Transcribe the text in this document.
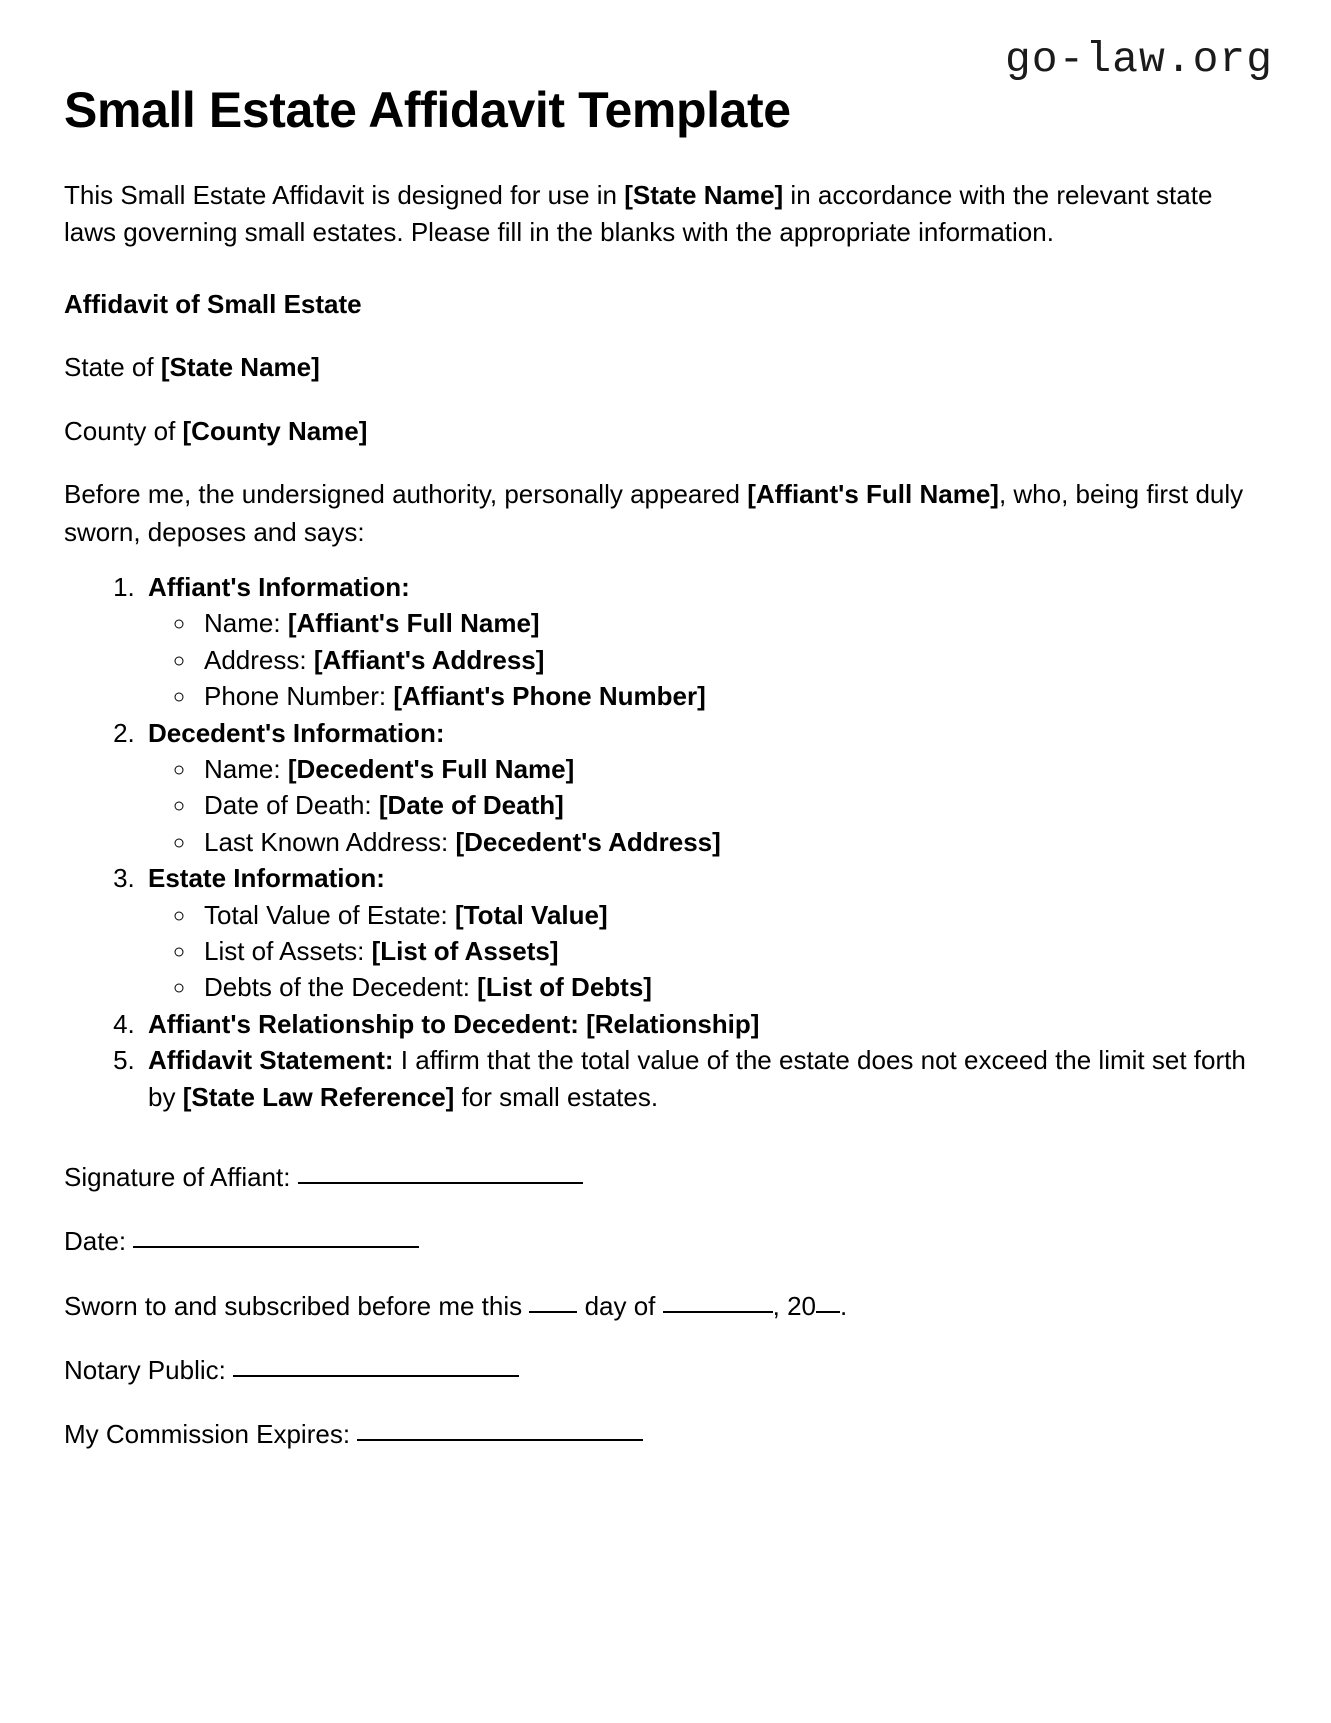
go-law.org
Small Estate Affidavit Template

This Small Estate Affidavit is designed for use in [State Name] in accordance with the relevant state laws governing small estates. Please fill in the blanks with the appropriate information.

Affidavit of Small Estate

State of [State Name]

County of [County Name]

Before me, the undersigned authority, personally appeared [Affiant's Full Name], who, being first duly sworn, deposes and says:

1. Affiant's Information:
◦ Name: [Affiant's Full Name]
◦ Address: [Affiant's Address]
◦ Phone Number: [Affiant's Phone Number]
2. Decedent's Information:
◦ Name: [Decedent's Full Name]
◦ Date of Death: [Date of Death]
◦ Last Known Address: [Decedent's Address]
3. Estate Information:
◦ Total Value of Estate: [Total Value]
◦ List of Assets: [List of Assets]
◦ Debts of the Decedent: [List of Debts]
4. Affiant's Relationship to Decedent: [Relationship]
5. Affidavit Statement: I affirm that the total value of the estate does not exceed the limit set forth by [State Law Reference] for small estates.

Signature of Affiant:

Date:

Sworn to and subscribed before me this  day of	, 20 .

Notary Public:

My Commission Expires:
